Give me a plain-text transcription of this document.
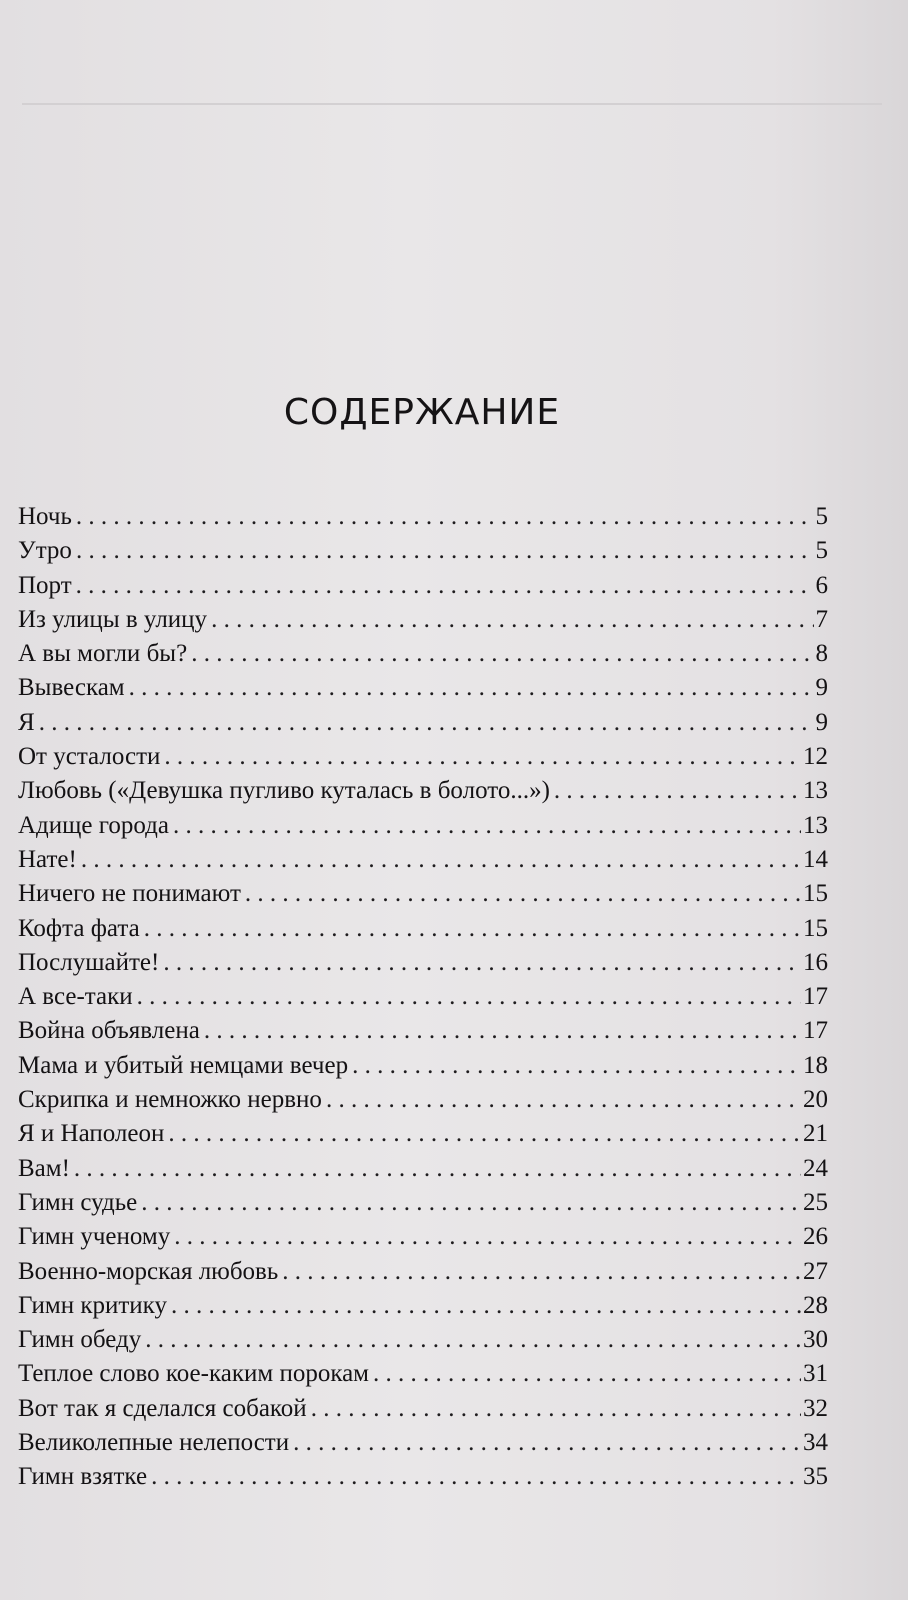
СОДЕРЖАНИЕ
Ночь . . .	5
Утро . . .	5
Порт . . .	6
Из улицы в улицу . . .	7
А вы могли бы? . . .	8
Вывескам . . .	9
Я . . .	9
От усталости . . .	12
Любовь («Девушка пугливо куталась в болото...») . . .	13
Адище города . . .	13
Нате! . . .	14
Ничего не понимают . . .	15
Кофта фата . . .	15
Послушайте! . . .	16
А все-таки . . .	17
Война объявлена . . .	17
Мама и убитый немцами вечер . . .	18
Скрипка и немножко нервно . . .	20
Я и Наполеон . . .	21
Вам! . . .	24
Гимн судье . . .	25
Гимн ученому . . .	26
Военно-морская любовь . . .	27
Гимн критику . . .	28
Гимн обеду . . .	30
Теплое слово кое-каким порокам . . .	31
Вот так я сделался собакой . . .	32
Великолепные нелепости . . .	34
Гимн взятке . . .	35
